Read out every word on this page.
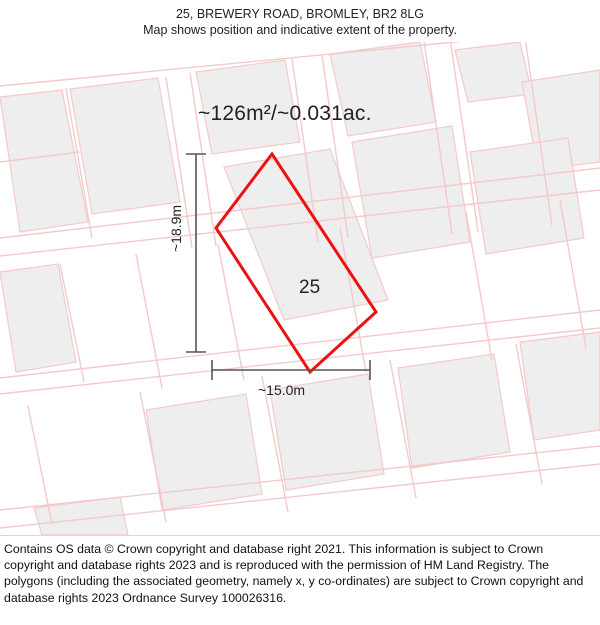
25, BREWERY ROAD, BROMLEY, BR2 8LG
Map shows position and indicative extent of the property.
~126m²/~0.031ac.
25
~18.9m
~15.0m

Contains OS data © Crown copyright and database right 2021. This information is subject to Crown copyright and database rights 2023 and is reproduced with the permission of HM Land Registry. The polygons (including the associated geometry, namely x, y co-ordinates) are subject to Crown copyright and database rights 2023 Ordnance Survey 100026316.
